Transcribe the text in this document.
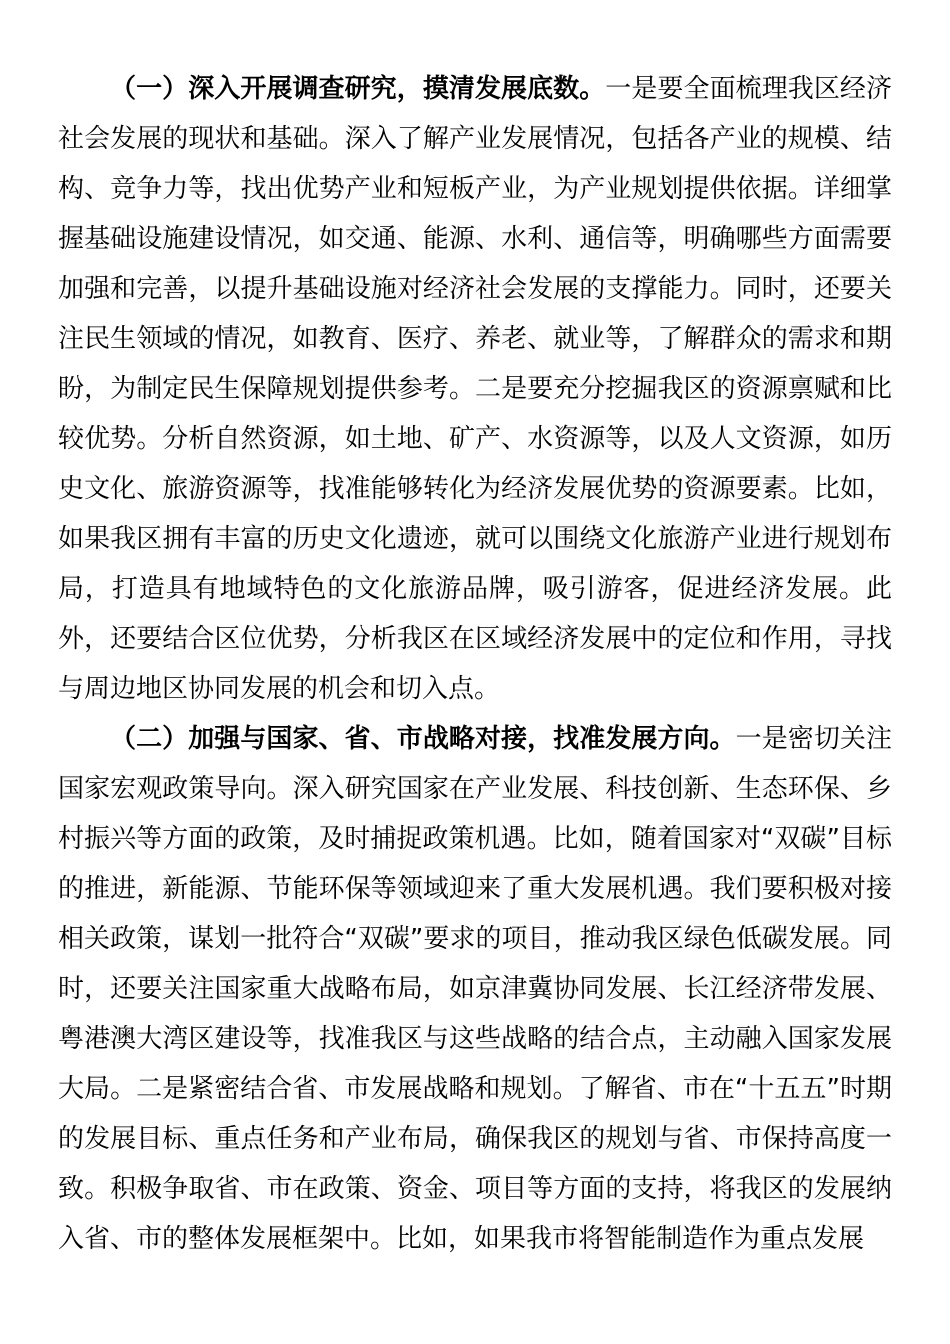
（一）深入开展调查研究，摸清发展底数。一是要全面梳理我区经济社会发展的现状和基础。深入了解产业发展情况，包括各产业的规模、结构、竞争力等，找出优势产业和短板产业，为产业规划提供依据。详细掌握基础设施建设情况，如交通、能源、水利、通信等，明确哪些方面需要加强和完善，以提升基础设施对经济社会发展的支撑能力。同时，还要关注民生领域的情况，如教育、医疗、养老、就业等，了解群众的需求和期盼，为制定民生保障规划提供参考。二是要充分挖掘我区的资源禀赋和比较优势。分析自然资源，如土地、矿产、水资源等，以及人文资源，如历史文化、旅游资源等，找准能够转化为经济发展优势的资源要素。比如，如果我区拥有丰富的历史文化遗迹，就可以围绕文化旅游产业进行规划布局，打造具有地域特色的文化旅游品牌，吸引游客，促进经济发展。此外，还要结合区位优势，分析我区在区域经济发展中的定位和作用，寻找与周边地区协同发展的机会和切入点。

（二）加强与国家、省、市战略对接，找准发展方向。一是密切关注国家宏观政策导向。深入研究国家在产业发展、科技创新、生态环保、乡村振兴等方面的政策，及时捕捉政策机遇。比如，随着国家对“双碳”目标的推进，新能源、节能环保等领域迎来了重大发展机遇。我们要积极对接相关政策，谋划一批符合“双碳”要求的项目，推动我区绿色低碳发展。同时，还要关注国家重大战略布局，如京津冀协同发展、长江经济带发展、粤港澳大湾区建设等，找准我区与这些战略的结合点，主动融入国家发展大局。二是紧密结合省、市发展战略和规划。了解省、市在“十五五”时期的发展目标、重点任务和产业布局，确保我区的规划与省、市保持高度一致。积极争取省、市在政策、资金、项目等方面的支持，将我区的发展纳入省、市的整体发展框架中。比如，如果我市将智能制造作为重点发展
